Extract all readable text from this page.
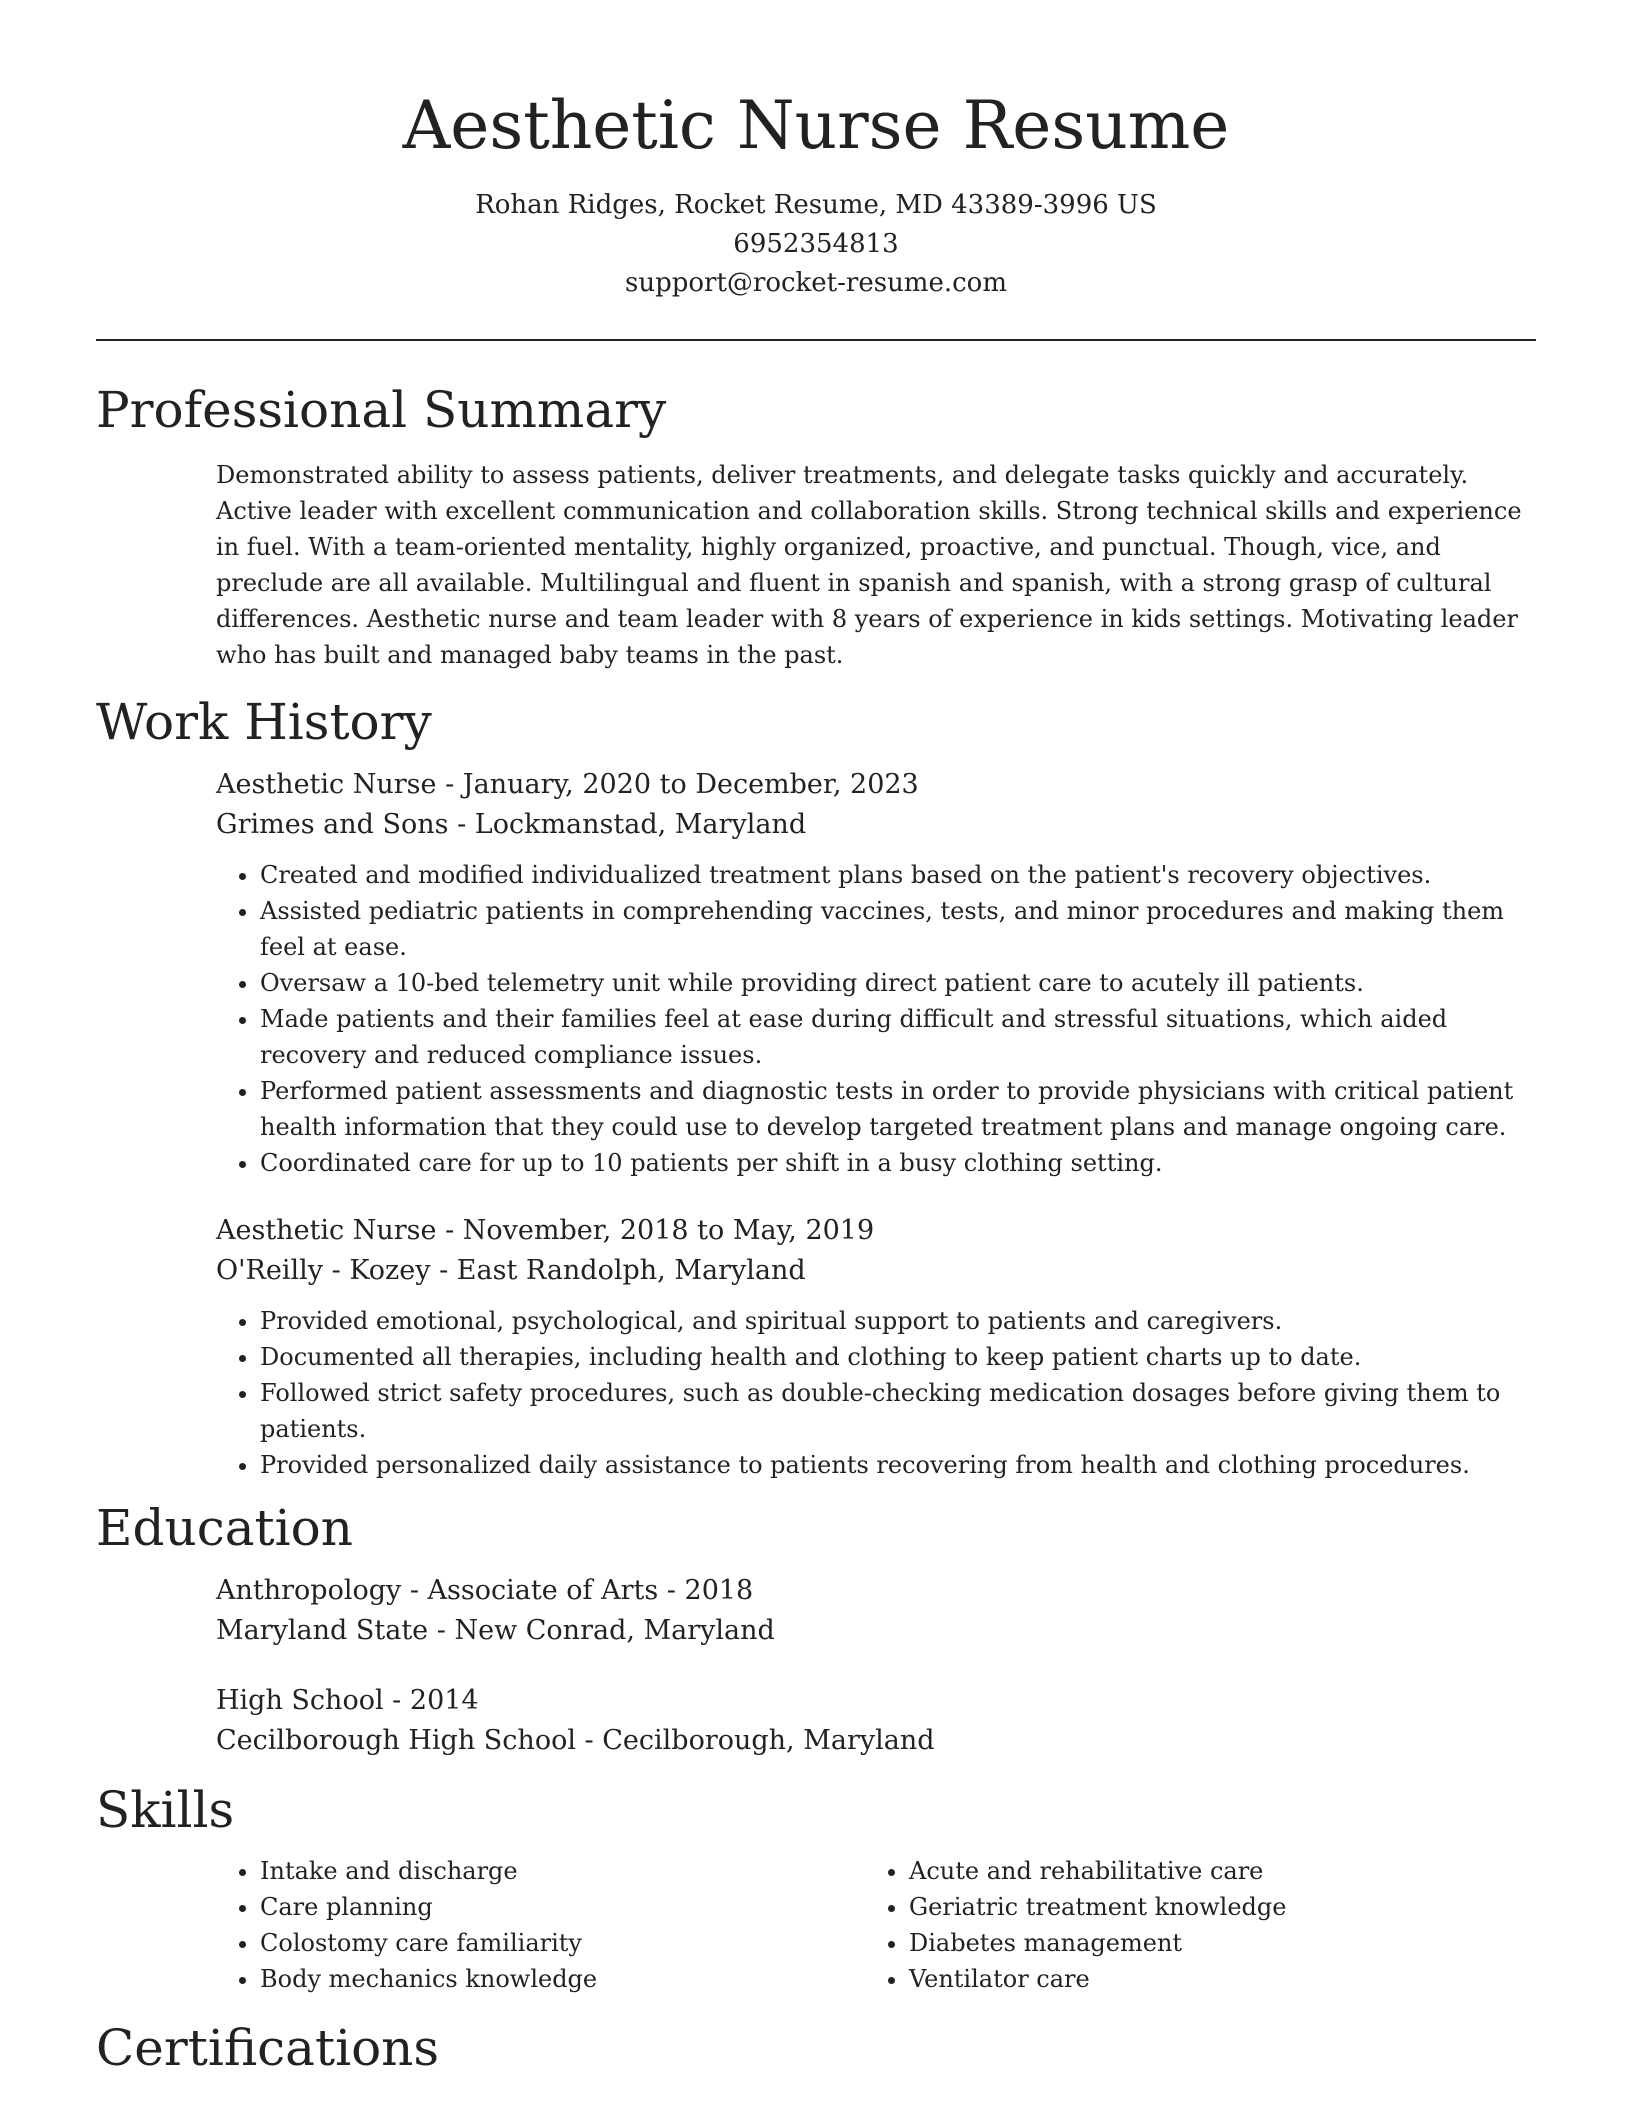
Aesthetic Nurse Resume
Rohan Ridges, Rocket Resume, MD 43389-3996 US
6952354813
support@rocket-resume.com
Professional Summary

Demonstrated ability to assess patients, deliver treatments, and delegate tasks quickly and accurately. Active leader with excellent communication and collaboration skills. Strong technical skills and experience in fuel. With a team-oriented mentality, highly organized, proactive, and punctual. Though, vice, and preclude are all available. Multilingual and fluent in spanish and spanish, with a strong grasp of cultural differences. Aesthetic nurse and team leader with 8 years of experience in kids settings. Motivating leader who has built and managed baby teams in the past.

Work History
Aesthetic Nurse - January, 2020 to December, 2023
Grimes and Sons - Lockmanstad, Maryland
• Created and modified individualized treatment plans based on the patient's recovery objectives.
• Assisted pediatric patients in comprehending vaccines, tests, and minor procedures and making them feel at ease.
• Oversaw a 10-bed telemetry unit while providing direct patient care to acutely ill patients.
• Made patients and their families feel at ease during difficult and stressful situations, which aided recovery and reduced compliance issues.
• Performed patient assessments and diagnostic tests in order to provide physicians with critical patient health information that they could use to develop targeted treatment plans and manage ongoing care.
• Coordinated care for up to 10 patients per shift in a busy clothing setting.
Aesthetic Nurse - November, 2018 to May, 2019
O'Reilly - Kozey - East Randolph, Maryland
• Provided emotional, psychological, and spiritual support to patients and caregivers.
• Documented all therapies, including health and clothing to keep patient charts up to date.
• Followed strict safety procedures, such as double-checking medication dosages before giving them to patients.
• Provided personalized daily assistance to patients recovering from health and clothing procedures.
Education
Anthropology - Associate of Arts - 2018
Maryland State - New Conrad, Maryland
High School - 2014
Cecilborough High School - Cecilborough, Maryland
Skills
• Intake and discharge
• Care planning
• Colostomy care familiarity
• Body mechanics knowledge
• Acute and rehabilitative care
• Geriatric treatment knowledge
• Diabetes management
• Ventilator care
Certifications
